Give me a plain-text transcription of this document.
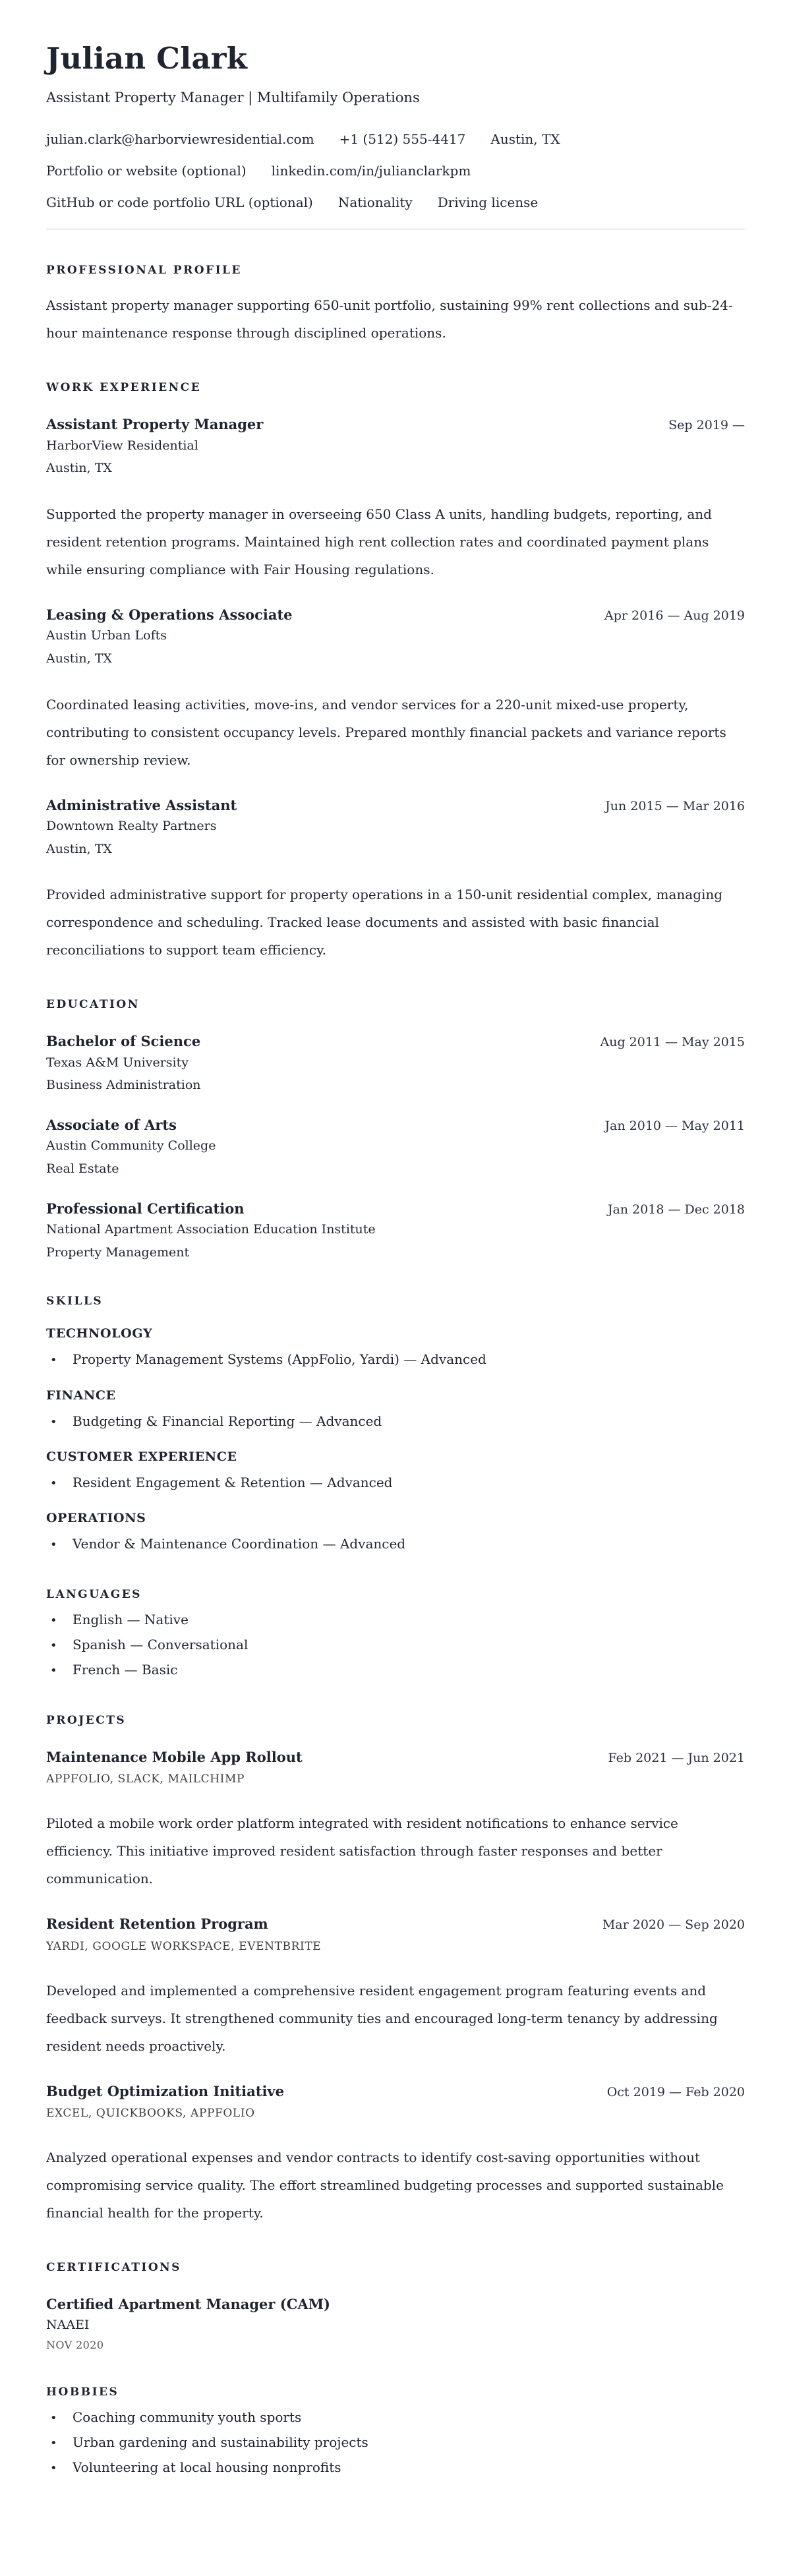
Julian Clark
Assistant Property Manager | Multifamily Operations
julian.clark@harborviewresidential.com +1 (512) 555-4417 Austin, TX
Portfolio or website (optional) linkedin.com/in/julianclarkpm
GitHub or code portfolio URL (optional) Nationality Driving license
PROFESSIONAL PROFILE

Assistant property manager supporting 650-unit portfolio, sustaining 99% rent collections and sub-24-hour maintenance response through disciplined operations.

WORK EXPERIENCE
Assistant Property Manager	Sep 2019 —
HarborView Residential
Austin, TX

Supported the property manager in overseeing 650 Class A units, handling budgets, reporting, and resident retention programs. Maintained high rent collection rates and coordinated payment plans while ensuring compliance with Fair Housing regulations.

Leasing & Operations Associate	Apr 2016 — Aug 2019
Austin Urban Lofts
Austin, TX

Coordinated leasing activities, move-ins, and vendor services for a 220-unit mixed-use property, contributing to consistent occupancy levels. Prepared monthly financial packets and variance reports for ownership review.

Administrative Assistant	Jun 2015 — Mar 2016
Downtown Realty Partners
Austin, TX

Provided administrative support for property operations in a 150-unit residential complex, managing correspondence and scheduling. Tracked lease documents and assisted with basic financial reconciliations to support team efficiency.

EDUCATION
Bachelor of Science	Aug 2011 — May 2015
Texas A&M University
Business Administration
Associate of Arts	Jan 2010 — May 2011
Austin Community College
Real Estate
Professional Certification	Jan 2018 — Dec 2018
National Apartment Association Education Institute
Property Management
SKILLS
TECHNOLOGY
•
Property Management Systems (AppFolio, Yardi) — Advanced
FINANCE
•
Budgeting & Financial Reporting — Advanced
CUSTOMER EXPERIENCE
•
Resident Engagement & Retention — Advanced
OPERATIONS
•
Vendor & Maintenance Coordination — Advanced
LANGUAGES
•
English — Native
•
Spanish — Conversational
•
French — Basic
PROJECTS
Maintenance Mobile App Rollout	Feb 2021 — Jun 2021
APPFOLIO, SLACK, MAILCHIMP

Piloted a mobile work order platform integrated with resident notifications to enhance service efficiency. This initiative improved resident satisfaction through faster responses and better communication.

Resident Retention Program	Mar 2020 — Sep 2020
YARDI, GOOGLE WORKSPACE, EVENTBRITE

Developed and implemented a comprehensive resident engagement program featuring events and feedback surveys. It strengthened community ties and encouraged long-term tenancy by addressing resident needs proactively.

Budget Optimization Initiative	Oct 2019 — Feb 2020
EXCEL, QUICKBOOKS, APPFOLIO

Analyzed operational expenses and vendor contracts to identify cost-saving opportunities without compromising service quality. The effort streamlined budgeting processes and supported sustainable financial health for the property.

CERTIFICATIONS
Certified Apartment Manager (CAM)
NAAEI
NOV 2020
HOBBIES
•
Coaching community youth sports
•
Urban gardening and sustainability projects
•
Volunteering at local housing nonprofits
